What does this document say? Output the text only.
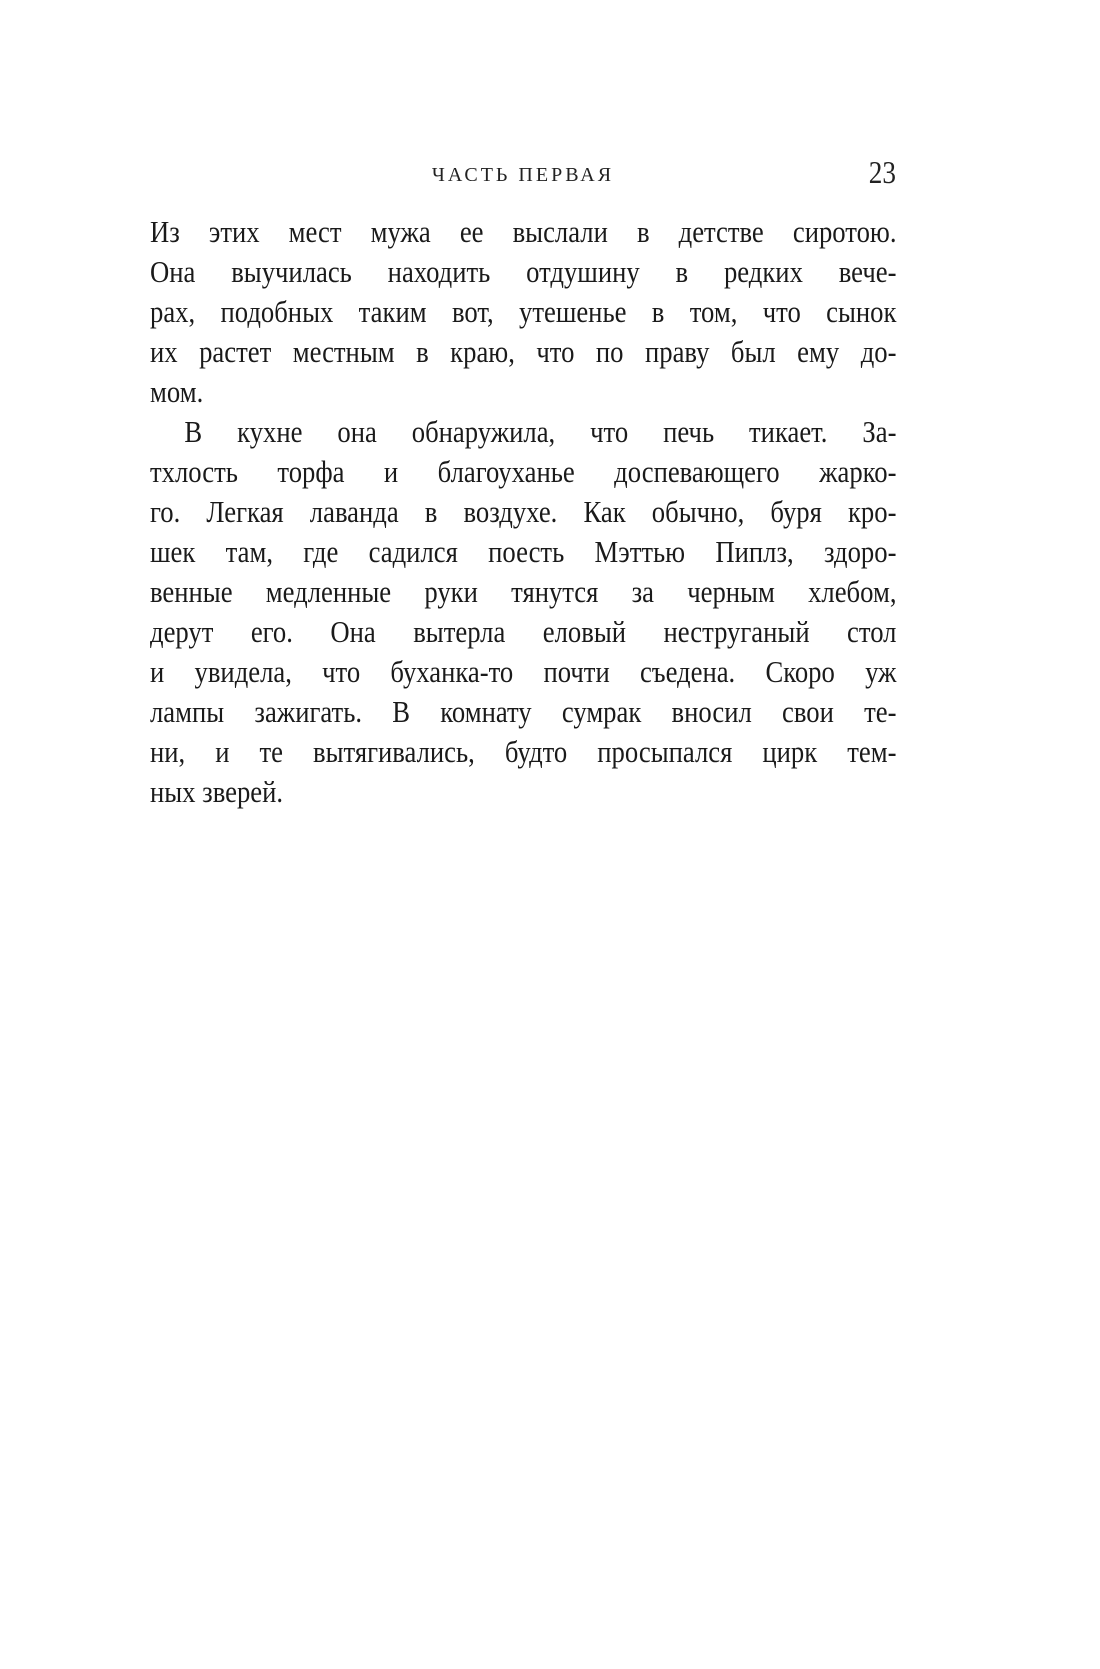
ЧАСТЬ ПЕРВАЯ	23
Из этих мест мужа ее выслали в детстве сиротою.
Она выучилась находить отдушину в редких вече-
рах, подобных таким вот, утешенье в том, что сынок
их растет местным в краю, что по праву был ему до-
мом.
В кухне она обнаружила, что печь тикает. За-
тхлость торфа и благоуханье доспевающего жарко-
го. Легкая лаванда в воздухе. Как обычно, буря кро-
шек там, где садился поесть Мэттью Пиплз, здоро-
венные медленные руки тянутся за черным хлебом,
дерут его. Она вытерла еловый неструганый стол
и увидела, что буханка-то почти съедена. Скоро уж
лампы зажигать. В комнату сумрак вносил свои те-
ни, и те вытягивались, будто просыпался цирк тем-
ных зверей.
